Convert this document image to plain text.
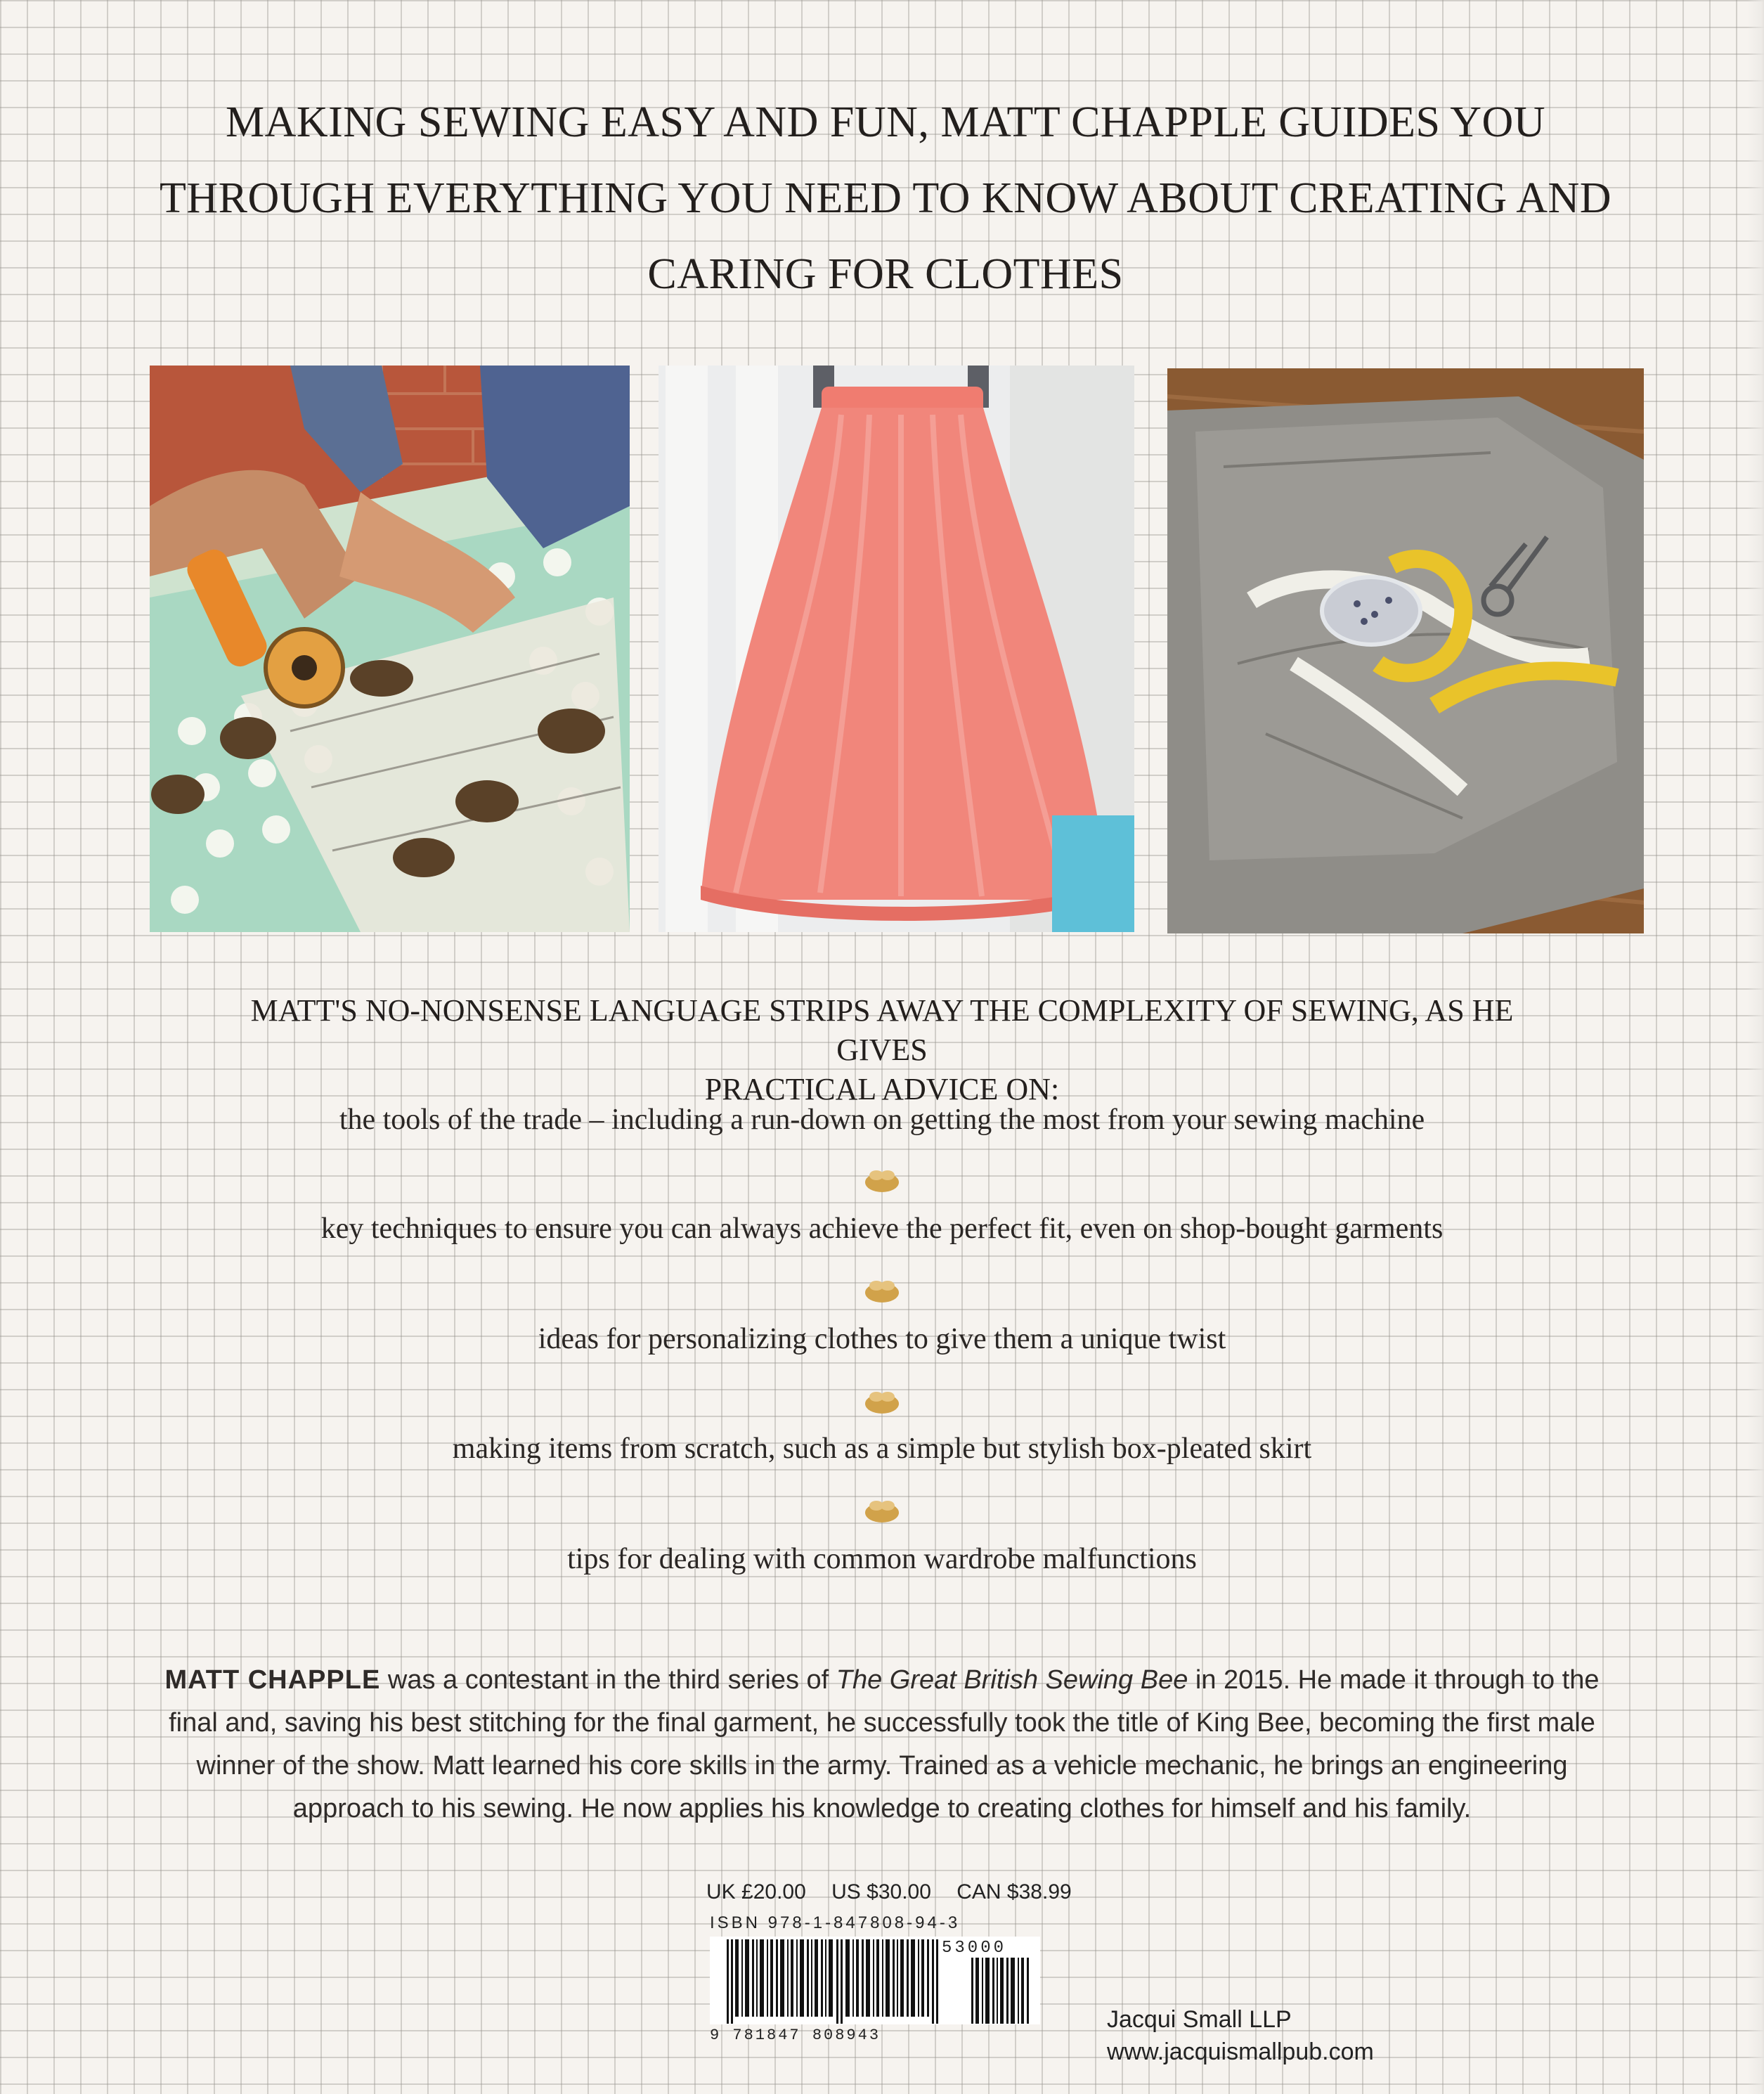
MAKING SEWING EASY AND FUN, MATT CHAPPLE GUIDES YOU
THROUGH EVERYTHING YOU NEED TO KNOW ABOUT CREATING AND
CARING FOR CLOTHES
MATT'S NO-NONSENSE LANGUAGE STRIPS AWAY THE COMPLEXITY OF SEWING, AS HE GIVES
PRACTICAL ADVICE ON:
the tools of the trade – including a run-down on getting the most from your sewing machine
key techniques to ensure you can always achieve the perfect fit, even on shop-bought garments
ideas for personalizing clothes to give them a unique twist
making items from scratch, such as a simple but stylish box-pleated skirt
tips for dealing with common wardrobe malfunctions

MATT CHAPPLE was a contestant in the third series of The Great British Sewing Bee in 2015. He made it through to the final and, saving his best stitching for the final garment, he successfully took the title of King Bee, becoming the first male winner of the show. Matt learned his core skills in the army. Trained as a vehicle mechanic, he brings an engineering approach to his sewing. He now applies his knowledge to creating clothes for himself and his family.

UK £20.00 US $30.00 CAN $38.99
ISBN 978-1-847808-94-3
53000
9 781847 808943
Jacqui Small LLP
www.jacquismallpub.com
